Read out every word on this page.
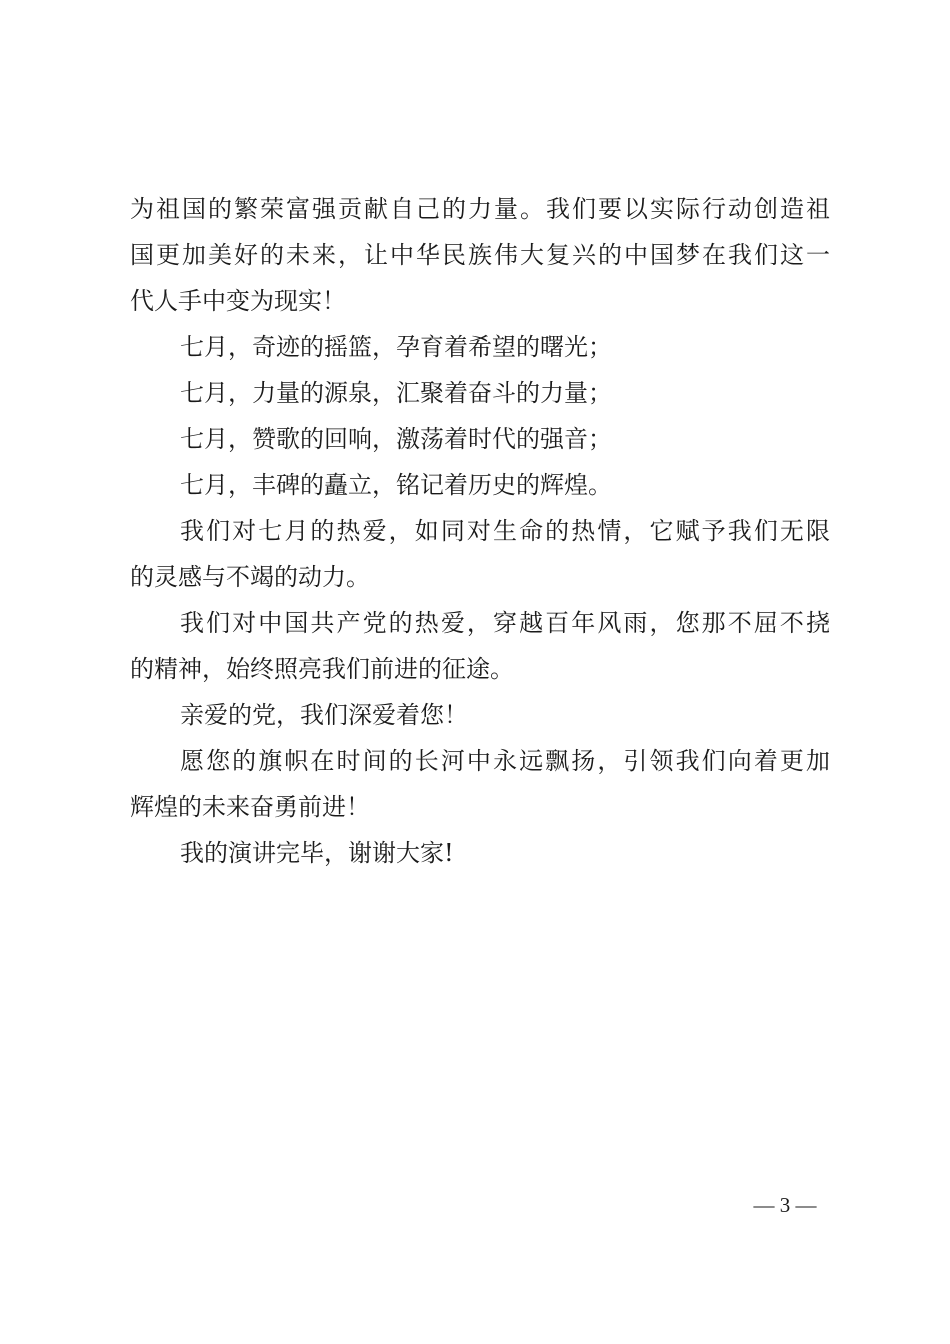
为祖国的繁荣富强贡献自己的力量。我们要以实际行动创造祖
国更加美好的未来，让中华民族伟大复兴的中国梦在我们这一
代人手中变为现实！
七月，奇迹的摇篮，孕育着希望的曙光；
七月，力量的源泉，汇聚着奋斗的力量；
七月，赞歌的回响，激荡着时代的强音；
七月，丰碑的矗立，铭记着历史的辉煌。
我们对七月的热爱，如同对生命的热情，它赋予我们无限
的灵感与不竭的动力。
我们对中国共产党的热爱，穿越百年风雨，您那不屈不挠
的精神，始终照亮我们前进的征途。
亲爱的党，我们深爱着您！
愿您的旗帜在时间的长河中永远飘扬，引领我们向着更加
辉煌的未来奋勇前进！
我的演讲完毕，谢谢大家!
— 3 —
